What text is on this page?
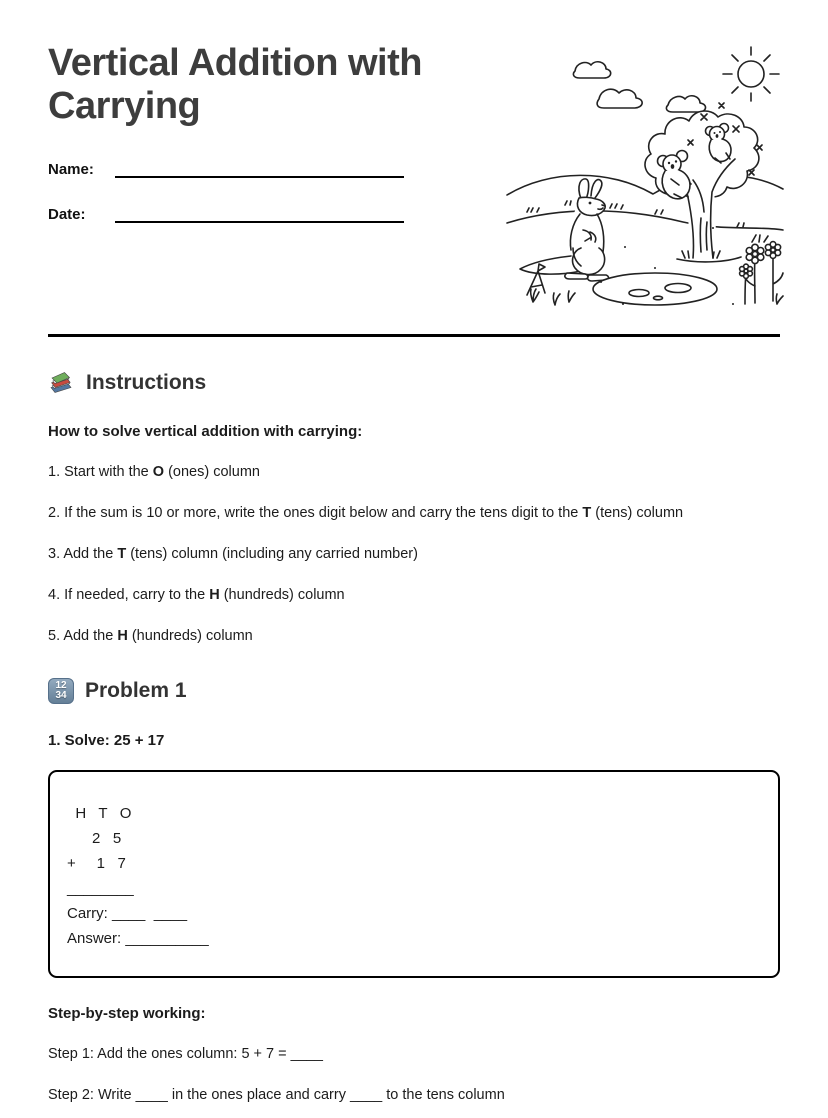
Vertical Addition with Carrying
Name:
Date:
Instructions

How to solve vertical addition with carrying:

1. Start with the O (ones) column

2. If the sum is 10 or more, write the ones digit below and carry the tens digit to the T (tens) column

3. Add the T (tens) column (including any carried number)

4. If needed, carry to the H (hundreds) column

5. Add the H (hundreds) column

12
34 Problem 1

1. Solve: 25 + 17

H   T   O
2   5
+     1   7
________
Carry: ____  ____
Answer: __________

Step-by-step working:

Step 1: Add the ones column: 5 + 7 = ____

Step 2: Write ____ in the ones place and carry ____ to the tens column
